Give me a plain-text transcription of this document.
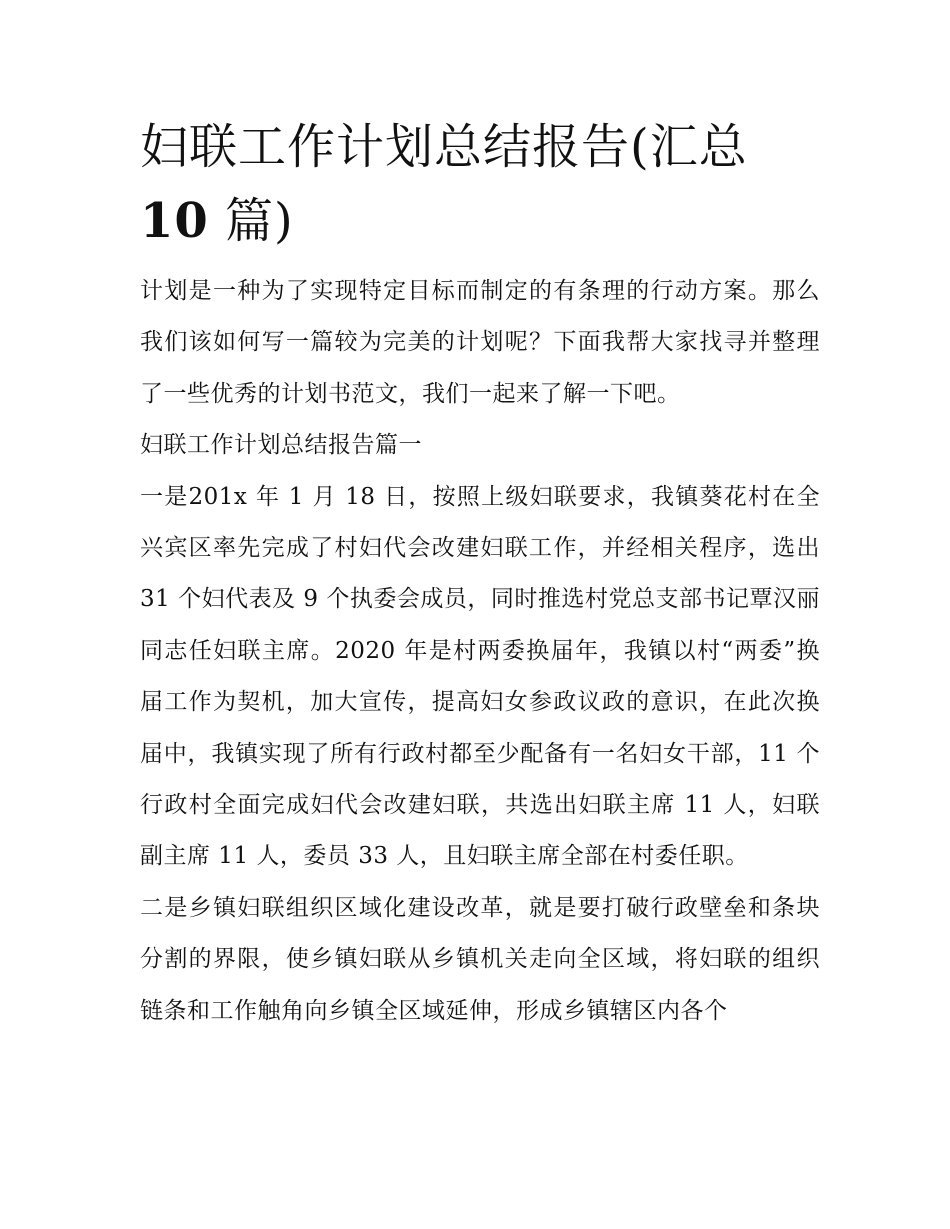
妇联工作计划总结报告(汇总
10 篇)

计划是一种为了实现特定目标而制定的有条理的行动方案。那么我们该如何写一篇较为完美的计划呢？下面我帮大家找寻并整理了一些优秀的计划书范文，我们一起来了解一下吧。

妇联工作计划总结报告篇一

一是201x 年 1 月 18 日，按照上级妇联要求，我镇葵花村在全兴宾区率先完成了村妇代会改建妇联工作，并经相关程序，选出 31 个妇代表及 9 个执委会成员，同时推选村党总支部书记覃汉丽同志任妇联主席。2020 年是村两委换届年，我镇以村“两委”换届工作为契机，加大宣传，提高妇女参政议政的意识，在此次换届中，我镇实现了所有行政村都至少配备有一名妇女干部，11 个行政村全面完成妇代会改建妇联，共选出妇联主席 11 人，妇联副主席 11 人，委员 33 人，且妇联主席全部在村委任职。

二是乡镇妇联组织区域化建设改革，就是要打破行政壁垒和条块分割的界限，使乡镇妇联从乡镇机关走向全区域，将妇联的组织链条和工作触角向乡镇全区域延伸，形成乡镇辖区内各个
